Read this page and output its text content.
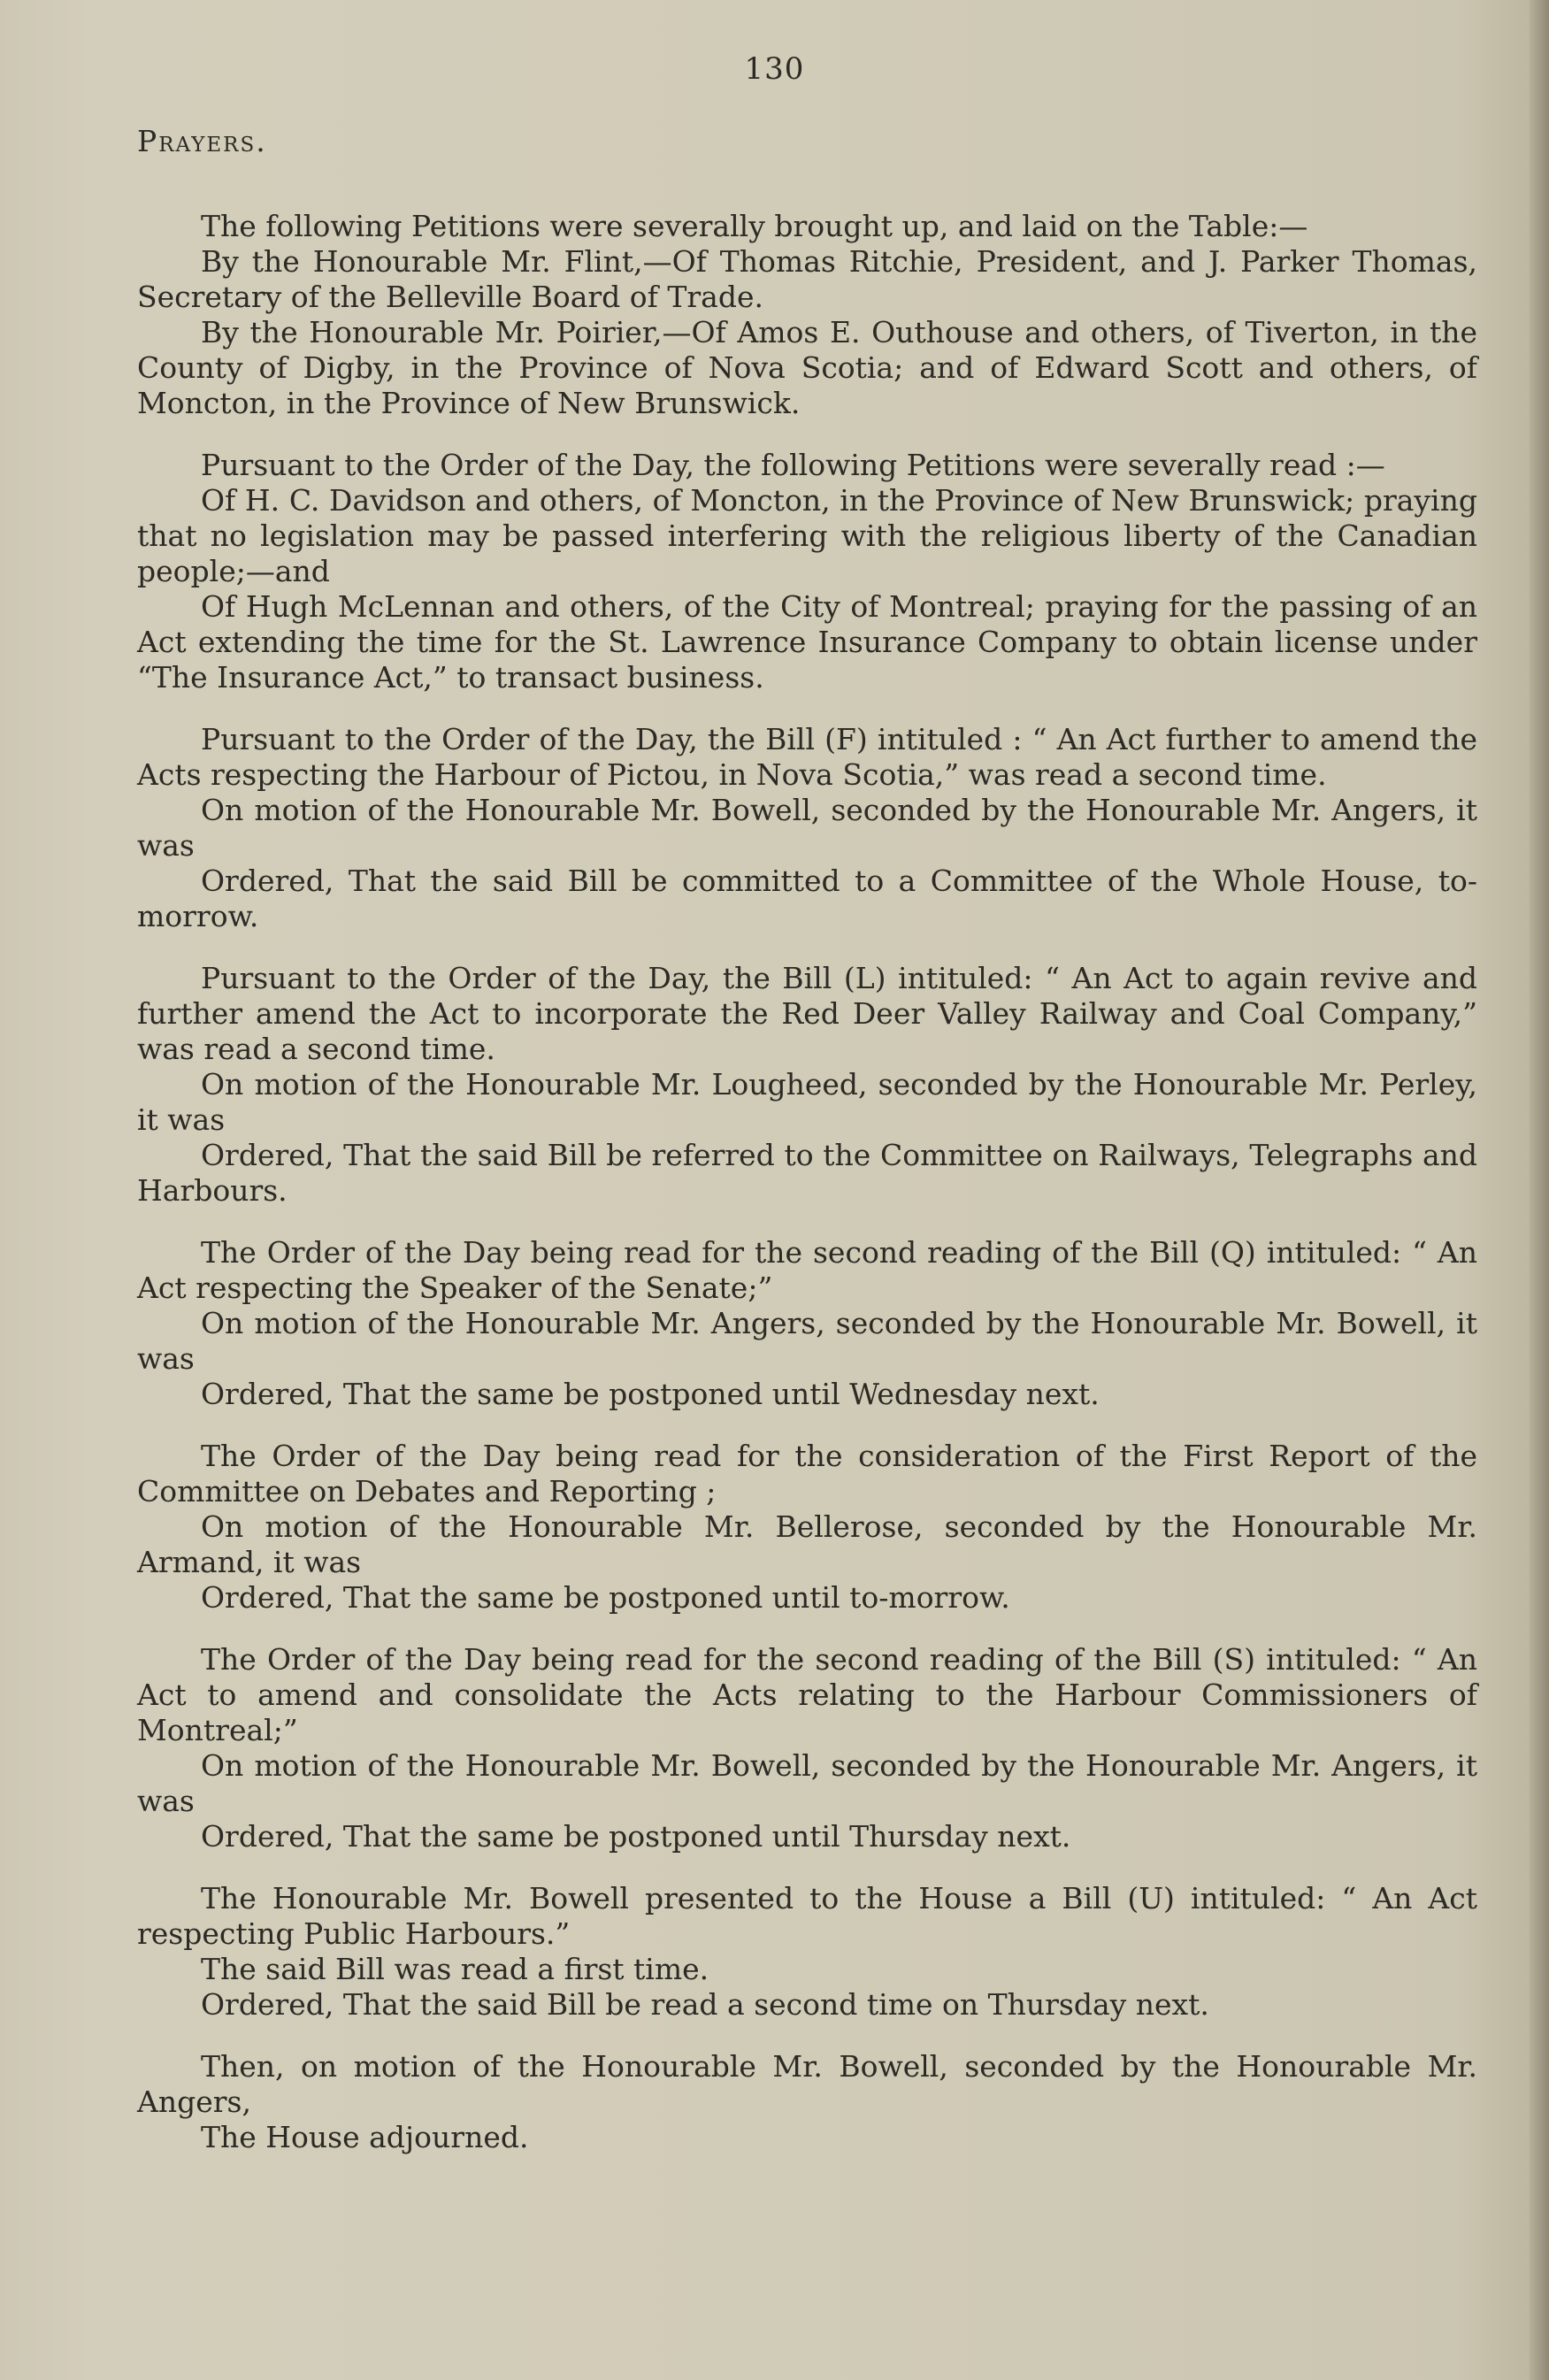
130
Prayers.

The following Petitions were severally brought up, and laid on the Table:—

By the Honourable Mr. Flint,—Of Thomas Ritchie, President, and J. Parker Thomas, Secretary of the Belleville Board of Trade.

By the Honourable Mr. Poirier,—Of Amos E. Outhouse and others, of Tiverton, in the County of Digby, in the Province of Nova Scotia; and of Edward Scott and others, of Moncton, in the Province of New Brunswick.

Pursuant to the Order of the Day, the following Petitions were severally read :—

Of H. C. Davidson and others, of Moncton, in the Province of New Brunswick; praying that no legislation may be passed interfering with the religious liberty of the Canadian people;—and

Of Hugh McLennan and others, of the City of Montreal; praying for the passing of an Act extending the time for the St. Lawrence Insurance Company to obtain license under “The Insurance Act,” to transact business.

Pursuant to the Order of the Day, the Bill (F) intituled : “ An Act further to amend the Acts respecting the Harbour of Pictou, in Nova Scotia,” was read a second time.

On motion of the Honourable Mr. Bowell, seconded by the Honourable Mr. Angers, it was

Ordered, That the said Bill be committed to a Committee of the Whole House, to-morrow.

Pursuant to the Order of the Day, the Bill (L) intituled: “ An Act to again revive and further amend the Act to incorporate the Red Deer Valley Railway and Coal Company,” was read a second time.

On motion of the Honourable Mr. Lougheed, seconded by the Honourable Mr. Perley, it was

Ordered, That the said Bill be referred to the Committee on Railways, Telegraphs and Harbours.

The Order of the Day being read for the second reading of the Bill (Q) intituled: “ An Act respecting the Speaker of the Senate;”

On motion of the Honourable Mr. Angers, seconded by the Honourable Mr. Bowell, it was

Ordered, That the same be postponed until Wednesday next.

The Order of the Day being read for the consideration of the First Report of the Committee on Debates and Reporting ;

On motion of the Honourable Mr. Bellerose, seconded by the Honourable Mr. Armand, it was

Ordered, That the same be postponed until to-morrow.

The Order of the Day being read for the second reading of the Bill (S) intituled: “ An Act to amend and consolidate the Acts relating to the Harbour Commissioners of Montreal;”

On motion of the Honourable Mr. Bowell, seconded by the Honourable Mr. Angers, it was

Ordered, That the same be postponed until Thursday next.

The Honourable Mr. Bowell presented to the House a Bill (U) intituled: “ An Act respecting Public Harbours.”

The said Bill was read a first time.

Ordered, That the said Bill be read a second time on Thursday next.

Then, on motion of the Honourable Mr. Bowell, seconded by the Honourable Mr. Angers,

The House adjourned.
